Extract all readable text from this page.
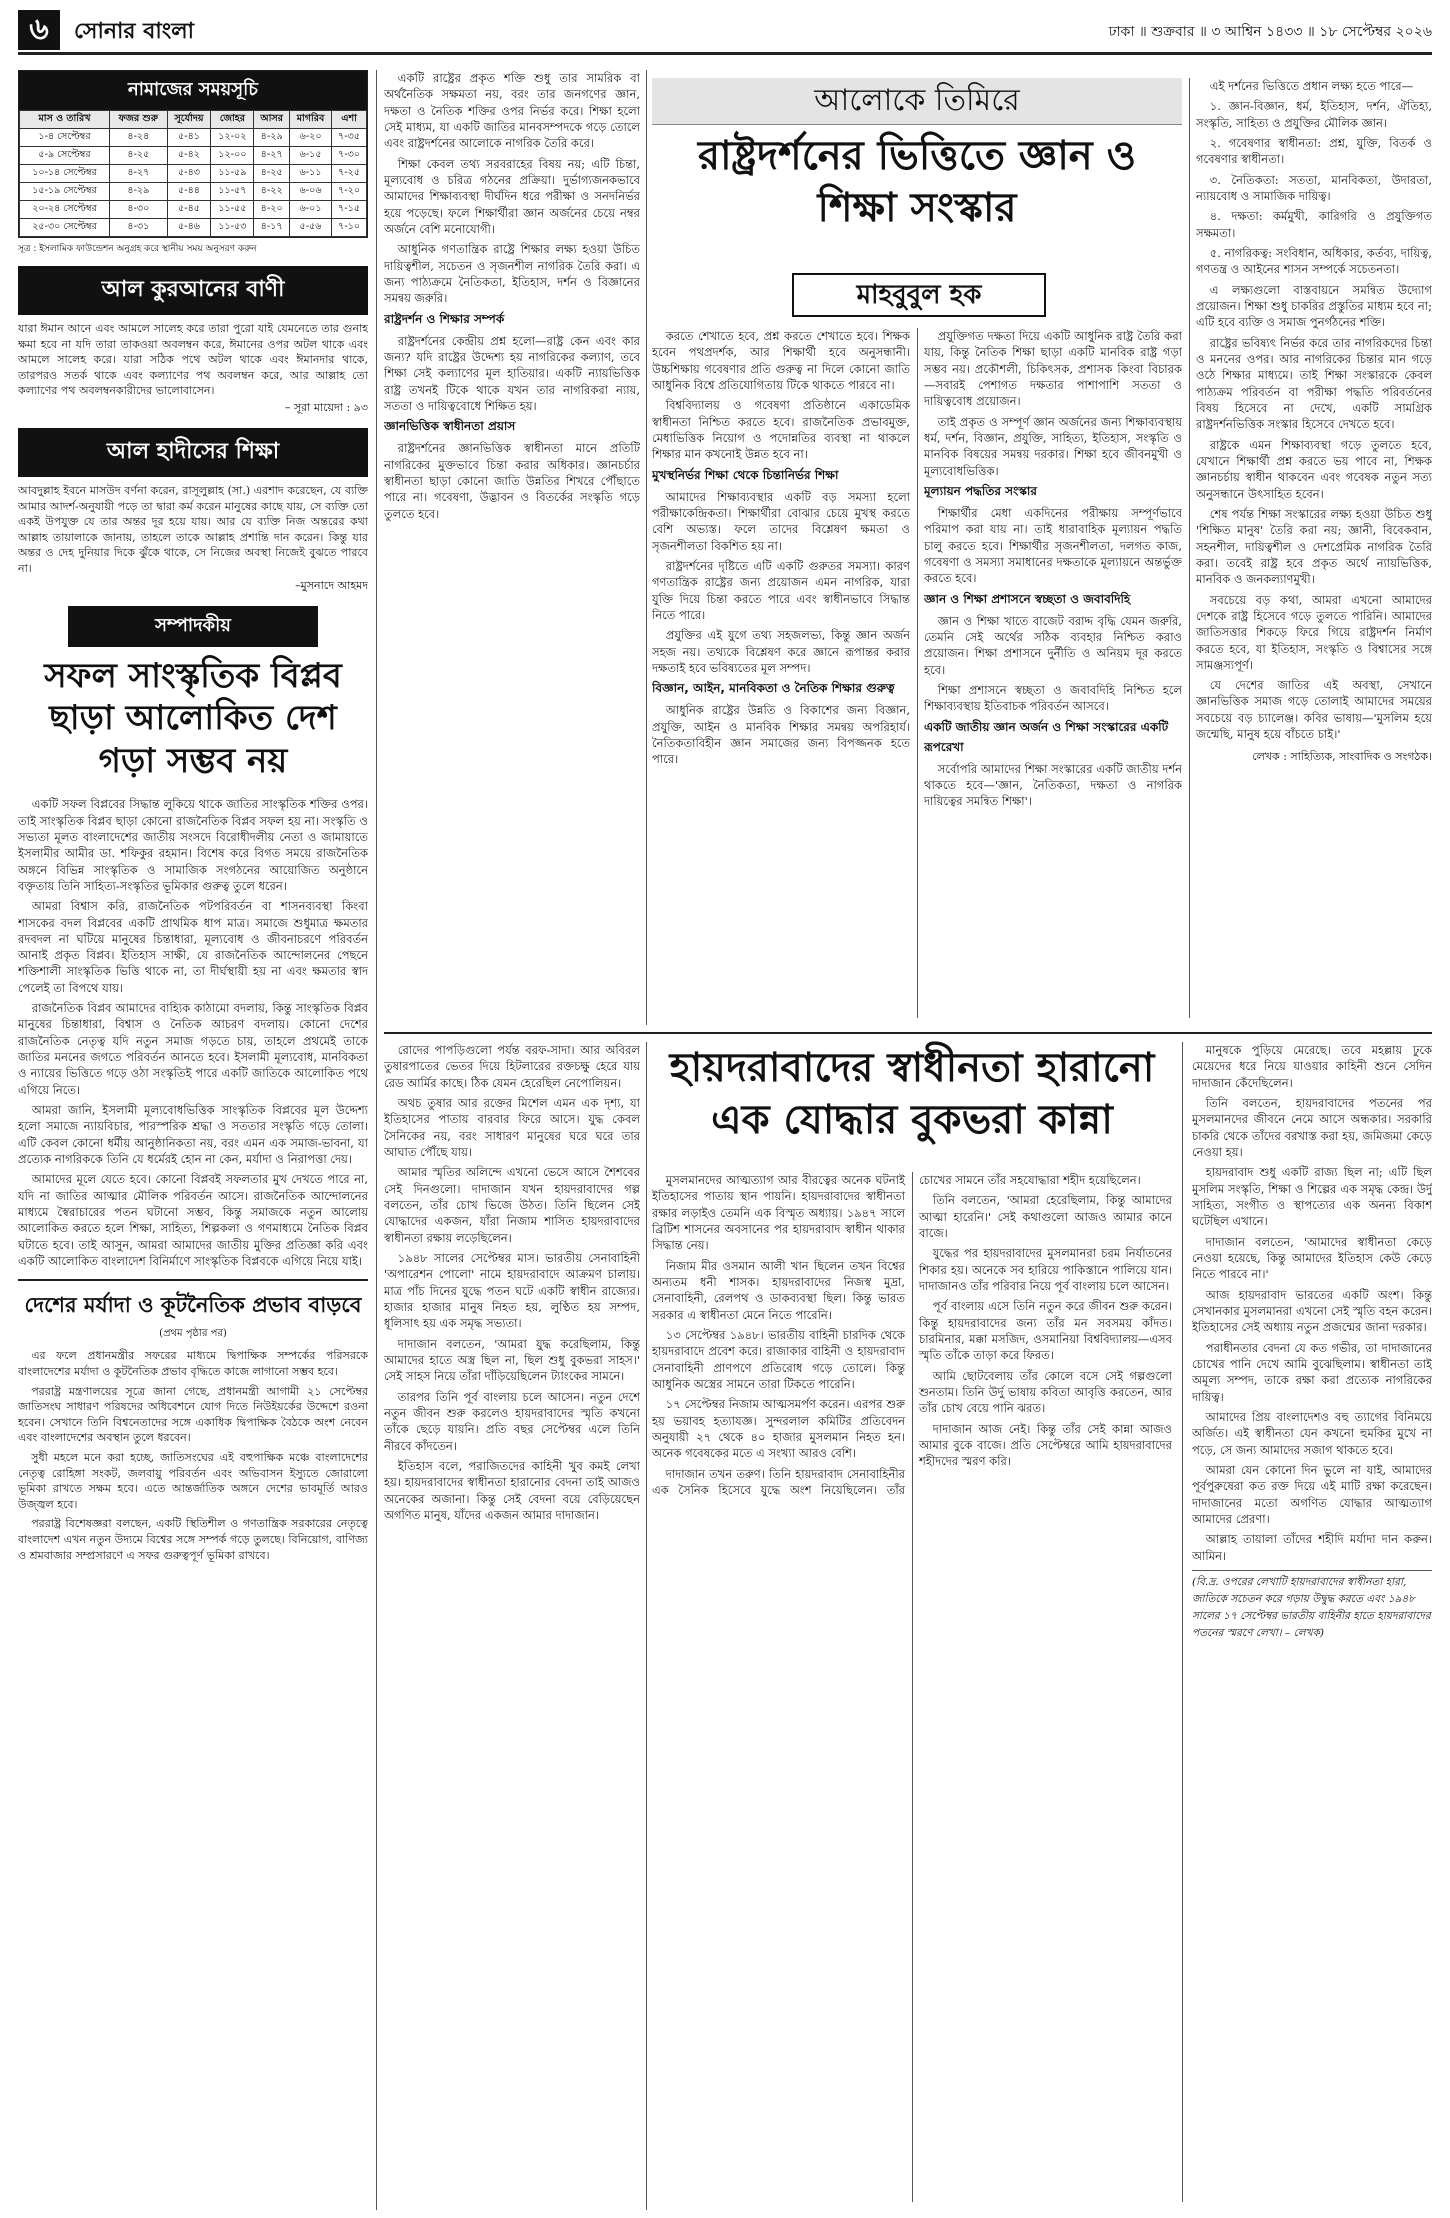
৬	সোনার বাংলা	ঢাকা ॥ শুক্রবার ॥ ৩ আশ্বিন ১৪৩৩ ॥ ১৮ সেপ্টেম্বর ২০২৬
নামাজের সময়সূচি
মাস ও তারিখ	ফজর শুরু	সূর্যোদয়	জোহর	আসর	মাগরিব	এশা
১-৪ সেপ্টেম্বর	৪-২৪	৫-৪১	১২-০২	৪-২৯	৬-২০	৭-৩৫
৫-৯ সেপ্টেম্বর	৪-২৫	৫-৪২	১২-০০	৪-২৭	৬-১৫	৭-৩০
১০-১৪ সেপ্টেম্বর	৪-২৭	৫-৪৩	১১-৫৯	৪-২৫	৬-১১	৭-২৫
১৫-১৯ সেপ্টেম্বর	৪-২৯	৫-৪৪	১১-৫৭	৪-২২	৬-০৬	৭-২০
২০-২৪ সেপ্টেম্বর	৪-৩০	৫-৪৫	১১-৫৫	৪-২০	৬-০১	৭-১৫
২৫-৩০ সেপ্টেম্বর	৪-৩১	৫-৪৬	১১-৫৩	৪-১৭	৫-৫৬	৭-১০
সূত্র : ইসলামিক ফাউন্ডেশন অনুগ্রহ করে স্থানীয় সময় অনুসরণ করুন
আল কুরআনের বাণী

যারা ঈমান আনে এবং আমলে সালেহ করে তারা পুরো যাই যেমনেতে তার গুনাহ ক্ষমা হবে না যদি তারা তাকওয়া অবলম্বন করে, ঈমানের ওপর অটল থাকে এবং আমলে সালেহ করে। যারা সঠিক পথে অটল থাকে এবং ঈমানদার থাকে, তারপরও সতর্ক থাকে এবং কল্যাণের পথ অবলম্বন করে, আর আল্লাহ তো কল্যাণের পথ অবলম্বনকারীদের ভালোবাসেন।

– সূরা মায়েদা : ৯৩
আল হাদীসের শিক্ষা

আবদুল্লাহ ইবনে মাসউদ বর্ণনা করেন, রাসূলুল্লাহ (সা.) এরশাদ করেছেন, যে ব্যক্তি আমার আদর্শ-অনুযায়ী পড়ে তা দ্বারা কর্ম করেন মানুষের কাছে যায়, সে ব্যক্তি তো একই উপযুক্ত যে তার অন্তর দূর হয়ে যায়। আর যে ব্যক্তি নিজ অন্তরের কথা আল্লাহ তায়ালাকে জানায়, তাহলে তাকে আল্লাহ প্রশান্তি দান করেন। কিন্তু যার অন্তর ও দেহ দুনিয়ার দিকে ঝুঁকে থাকে, সে নিজের অবস্থা নিজেই বুঝতে পারবে না।

–মুসনাদে আহমদ
সম্পাদকীয়
সফল সাংস্কৃতিক বিপ্লব ছাড়া আলোকিত দেশ গড়া সম্ভব নয়

একটি সফল বিপ্লবের সিদ্ধান্ত লুকিয়ে থাকে জাতির সাংস্কৃতিক শক্তির ওপর। তাই সাংস্কৃতিক বিপ্লব ছাড়া কোনো রাজনৈতিক বিপ্লব সফল হয় না। সংস্কৃতি ও সভ্যতা মূলত বাংলাদেশের জাতীয় সংসদে বিরোধীদলীয় নেতা ও জামায়াতে ইসলামীর আমীর ডা. শফিকুর রহমান। বিশেষ করে বিগত সময়ে রাজনৈতিক অঙ্গনে বিভিন্ন সাংস্কৃতিক ও সামাজিক সংগঠনের আয়োজিত অনুষ্ঠানে বক্তৃতায় তিনি সাহিত্য-সংস্কৃতির ভূমিকার গুরুত্ব তুলে ধরেন।

আমরা বিশ্বাস করি, রাজনৈতিক পটপরিবর্তন বা শাসনব্যবস্থা কিংবা শাসকের বদল বিপ্লবের একটি প্রাথমিক ধাপ মাত্র। সমাজে শুধুমাত্র ক্ষমতার রদবদল না ঘটিয়ে মানুষের চিন্তাধারা, মূল্যবোধ ও জীবনাচরণে পরিবর্তন আনাই প্রকৃত বিপ্লব। ইতিহাস সাক্ষী, যে রাজনৈতিক আন্দোলনের পেছনে শক্তিশালী সাংস্কৃতিক ভিত্তি থাকে না, তা দীর্ঘস্থায়ী হয় না এবং ক্ষমতার স্বাদ পেলেই তা বিপথে যায়।

রাজনৈতিক বিপ্লব আমাদের বাহ্যিক কাঠামো বদলায়, কিন্তু সাংস্কৃতিক বিপ্লব মানুষের চিন্তাধারা, বিশ্বাস ও নৈতিক আচরণ বদলায়। কোনো দেশের রাজনৈতিক নেতৃত্ব যদি নতুন সমাজ গড়তে চায়, তাহলে প্রথমেই তাকে জাতির মননের জগতে পরিবর্তন আনতে হবে। ইসলামী মূল্যবোধ, মানবিকতা ও ন্যায়ের ভিত্তিতে গড়ে ওঠা সংস্কৃতিই পারে একটি জাতিকে আলোকিত পথে এগিয়ে নিতে।

আমরা জানি, ইসলামী মূল্যবোধভিত্তিক সাংস্কৃতিক বিপ্লবের মূল উদ্দেশ্য হলো সমাজে ন্যায়বিচার, পারস্পরিক শ্রদ্ধা ও সততার সংস্কৃতি গড়ে তোলা। এটি কেবল কোনো ধর্মীয় আনুষ্ঠানিকতা নয়, বরং এমন এক সমাজ-ভাবনা, যা প্রত্যেক নাগরিককে তিনি যে ধর্মেরই হোন না কেন, মর্যাদা ও নিরাপত্তা দেয়।

আমাদের মূলে যেতে হবে। কোনো বিপ্লবই সফলতার মুখ দেখতে পারে না, যদি না জাতির আত্মার মৌলিক পরিবর্তন আসে। রাজনৈতিক আন্দোলনের মাধ্যমে স্বৈরাচারের পতন ঘটানো সম্ভব, কিন্তু সমাজকে নতুন আলোয় আলোকিত করতে হলে শিক্ষা, সাহিত্য, শিল্পকলা ও গণমাধ্যমে নৈতিক বিপ্লব ঘটাতে হবে। তাই আসুন, আমরা আমাদের জাতীয় মুক্তির প্রতিজ্ঞা করি এবং একটি আলোকিত বাংলাদেশ বিনির্মাণে সাংস্কৃতিক বিপ্লবকে এগিয়ে নিয়ে যাই।

দেশের মর্যাদা ও কূটনৈতিক প্রভাব বাড়বে
(প্রথম পৃষ্ঠার পর)

এর ফলে প্রধানমন্ত্রীর সফরের মাধ্যমে দ্বিপাক্ষিক সম্পর্কের পরিসরকে বাংলাদেশের মর্যাদা ও কূটনৈতিক প্রভাব বৃদ্ধিতে কাজে লাগানো সম্ভব হবে।

পররাষ্ট্র মন্ত্রণালয়ের সূত্রে জানা গেছে, প্রধানমন্ত্রী আগামী ২১ সেপ্টেম্বর জাতিসংঘ সাধারণ পরিষদের অধিবেশনে যোগ দিতে নিউইয়র্কের উদ্দেশে রওনা হবেন। সেখানে তিনি বিশ্বনেতাদের সঙ্গে একাধিক দ্বিপাক্ষিক বৈঠকে অংশ নেবেন এবং বাংলাদেশের অবস্থান তুলে ধরবেন।

সুধী মহলে মনে করা হচ্ছে, জাতিসংঘের এই বহুপাক্ষিক মঞ্চে বাংলাদেশের নেতৃত্ব রোহিঙ্গা সংকট, জলবায়ু পরিবর্তন এবং অভিবাসন ইস্যুতে জোরালো ভূমিকা রাখতে সক্ষম হবে। এতে আন্তর্জাতিক অঙ্গনে দেশের ভাবমূর্তি আরও উজ্জ্বল হবে।

পররাষ্ট্র বিশেষজ্ঞরা বলছেন, একটি স্থিতিশীল ও গণতান্ত্রিক সরকারের নেতৃত্বে বাংলাদেশ এখন নতুন উদ্যমে বিশ্বের সঙ্গে সম্পর্ক গড়ে তুলছে। বিনিয়োগ, বাণিজ্য ও শ্রমবাজার সম্প্রসারণে এ সফর গুরুত্বপূর্ণ ভূমিকা রাখবে।

একটি রাষ্ট্রের প্রকৃত শক্তি শুধু তার সামরিক বা অর্থনৈতিক সক্ষমতা নয়, বরং তার জনগণের জ্ঞান, দক্ষতা ও নৈতিক শক্তির ওপর নির্ভর করে। শিক্ষা হলো সেই মাধ্যম, যা একটি জাতির মানবসম্পদকে গড়ে তোলে এবং রাষ্ট্রদর্শনের আলোকে নাগরিক তৈরি করে।

শিক্ষা কেবল তথ্য সরবরাহের বিষয় নয়; এটি চিন্তা, মূল্যবোধ ও চরিত্র গঠনের প্রক্রিয়া। দুর্ভাগ্যজনকভাবে আমাদের শিক্ষাব্যবস্থা দীর্ঘদিন ধরে পরীক্ষা ও সনদনির্ভর হয়ে পড়েছে। ফলে শিক্ষার্থীরা জ্ঞান অর্জনের চেয়ে নম্বর অর্জনে বেশি মনোযোগী।

আধুনিক গণতান্ত্রিক রাষ্ট্রে শিক্ষার লক্ষ্য হওয়া উচিত দায়িত্বশীল, সচেতন ও সৃজনশীল নাগরিক তৈরি করা। এ জন্য পাঠ্যক্রমে নৈতিকতা, ইতিহাস, দর্শন ও বিজ্ঞানের সমন্বয় জরুরি।

রাষ্ট্রদর্শন ও শিক্ষার সম্পর্ক

রাষ্ট্রদর্শনের কেন্দ্রীয় প্রশ্ন হলো—রাষ্ট্র কেন এবং কার জন্য? যদি রাষ্ট্রের উদ্দেশ্য হয় নাগরিকের কল্যাণ, তবে শিক্ষা সেই কল্যাণের মূল হাতিয়ার। একটি ন্যায়ভিত্তিক রাষ্ট্র তখনই টিকে থাকে যখন তার নাগরিকরা ন্যায়, সততা ও দায়িত্ববোধে শিক্ষিত হয়।

জ্ঞানভিত্তিক স্বাধীনতা প্রয়াস

রাষ্ট্রদর্শনের জ্ঞানভিত্তিক স্বাধীনতা মানে প্রতিটি নাগরিকের মুক্তভাবে চিন্তা করার অধিকার। জ্ঞানচর্চার স্বাধীনতা ছাড়া কোনো জাতি উন্নতির শিখরে পৌঁছাতে পারে না। গবেষণা, উদ্ভাবন ও বিতর্কের সংস্কৃতি গড়ে তুলতে হবে।

আলোকে তিমিরে
রাষ্ট্রদর্শনের ভিত্তিতে জ্ঞান ও শিক্ষা সংস্কার
মাহবুবুল হক

করতে শেখাতে হবে, প্রশ্ন করতে শেখাতে হবে। শিক্ষক হবেন পথপ্রদর্শক, আর শিক্ষার্থী হবে অনুসন্ধানী। উচ্চশিক্ষায় গবেষণার প্রতি গুরুত্ব না দিলে কোনো জাতি আধুনিক বিশ্বে প্রতিযোগিতায় টিকে থাকতে পারবে না।

বিশ্ববিদ্যালয় ও গবেষণা প্রতিষ্ঠানে একাডেমিক স্বাধীনতা নিশ্চিত করতে হবে। রাজনৈতিক প্রভাবমুক্ত, মেধাভিত্তিক নিয়োগ ও পদোন্নতির ব্যবস্থা না থাকলে শিক্ষার মান কখনোই উন্নত হবে না।

মুখস্থনির্ভর শিক্ষা থেকে চিন্তানির্ভর শিক্ষা

আমাদের শিক্ষাব্যবস্থার একটি বড় সমস্যা হলো পরীক্ষাকেন্দ্রিকতা। শিক্ষার্থীরা বোঝার চেয়ে মুখস্থ করতে বেশি অভ্যস্ত। ফলে তাদের বিশ্লেষণ ক্ষমতা ও সৃজনশীলতা বিকশিত হয় না।

রাষ্ট্রদর্শনের দৃষ্টিতে এটি একটি গুরুতর সমস্যা। কারণ গণতান্ত্রিক রাষ্ট্রের জন্য প্রয়োজন এমন নাগরিক, যারা যুক্তি দিয়ে চিন্তা করতে পারে এবং স্বাধীনভাবে সিদ্ধান্ত নিতে পারে।

প্রযুক্তির এই যুগে তথ্য সহজলভ্য, কিন্তু জ্ঞান অর্জন সহজ নয়। তথ্যকে বিশ্লেষণ করে জ্ঞানে রূপান্তর করার দক্ষতাই হবে ভবিষ্যতের মূল সম্পদ।

বিজ্ঞান, আইন, মানবিকতা ও নৈতিক শিক্ষার গুরুত্ব

আধুনিক রাষ্ট্রের উন্নতি ও বিকাশের জন্য বিজ্ঞান, প্রযুক্তি, আইন ও মানবিক শিক্ষার সমন্বয় অপরিহার্য। নৈতিকতাবিহীন জ্ঞান সমাজের জন্য বিপজ্জনক হতে পারে।

প্রযুক্তিগত দক্ষতা দিয়ে একটি আধুনিক রাষ্ট্র তৈরি করা যায়, কিন্তু নৈতিক শিক্ষা ছাড়া একটি মানবিক রাষ্ট্র গড়া সম্ভব নয়। প্রকৌশলী, চিকিৎসক, প্রশাসক কিংবা বিচারক—সবারই পেশাগত দক্ষতার পাশাপাশি সততা ও দায়িত্ববোধ প্রয়োজন।

তাই প্রকৃত ও সম্পূর্ণ জ্ঞান অর্জনের জন্য শিক্ষাব্যবস্থায় ধর্ম, দর্শন, বিজ্ঞান, প্রযুক্তি, সাহিত্য, ইতিহাস, সংস্কৃতি ও মানবিক বিষয়ের সমন্বয় দরকার। শিক্ষা হবে জীবনমুখী ও মূল্যবোধভিত্তিক।

মূল্যায়ন পদ্ধতির সংস্কার

শিক্ষার্থীর মেধা একদিনের পরীক্ষায় সম্পূর্ণভাবে পরিমাপ করা যায় না। তাই ধারাবাহিক মূল্যায়ন পদ্ধতি চালু করতে হবে। শিক্ষার্থীর সৃজনশীলতা, দলগত কাজ, গবেষণা ও সমস্যা সমাধানের দক্ষতাকে মূল্যায়নে অন্তর্ভুক্ত করতে হবে।

জ্ঞান ও শিক্ষা প্রশাসনে স্বচ্ছতা ও জবাবদিহি

জ্ঞান ও শিক্ষা খাতে বাজেট বরাদ্দ বৃদ্ধি যেমন জরুরি, তেমনি সেই অর্থের সঠিক ব্যবহার নিশ্চিত করাও প্রয়োজন। শিক্ষা প্রশাসনে দুর্নীতি ও অনিয়ম দূর করতে হবে।

শিক্ষা প্রশাসনে স্বচ্ছতা ও জবাবদিহি নিশ্চিত হলে শিক্ষাব্যবস্থায় ইতিবাচক পরিবর্তন আসবে।

একটি জাতীয় জ্ঞান অর্জন ও শিক্ষা সংস্কারের একটি রূপরেখা

সর্বোপরি আমাদের শিক্ষা সংস্কারের একটি জাতীয় দর্শন থাকতে হবে—'জ্ঞান, নৈতিকতা, দক্ষতা ও নাগরিক দায়িত্বের সমন্বিত শিক্ষা'।

এই দর্শনের ভিত্তিতে প্রধান লক্ষ্য হতে পারে—

১. জ্ঞান-বিজ্ঞান, ধর্ম, ইতিহাস, দর্শন, ঐতিহ্য, সংস্কৃতি, সাহিত্য ও প্রযুক্তির মৌলিক জ্ঞান।

২. গবেষণার স্বাধীনতা: প্রশ্ন, যুক্তি, বিতর্ক ও গবেষণার স্বাধীনতা।

৩. নৈতিকতা: সততা, মানবিকতা, উদারতা, ন্যায়বোধ ও সামাজিক দায়িত্ব।

৪. দক্ষতা: কর্মমুখী, কারিগরি ও প্রযুক্তিগত সক্ষমতা।

৫. নাগরিকত্ব: সংবিধান, অধিকার, কর্তব্য, দায়িত্ব, গণতন্ত্র ও আইনের শাসন সম্পর্কে সচেতনতা।

এ লক্ষ্যগুলো বাস্তবায়নে সমন্বিত উদ্যোগ প্রয়োজন। শিক্ষা শুধু চাকরির প্রস্তুতির মাধ্যম হবে না; এটি হবে ব্যক্তি ও সমাজ পুনর্গঠনের শক্তি।

রাষ্ট্রের ভবিষ্যৎ নির্ভর করে তার নাগরিকদের চিন্তা ও মননের ওপর। আর নাগরিকের চিন্তার মান গড়ে ওঠে শিক্ষার মাধ্যমে। তাই শিক্ষা সংস্কারকে কেবল পাঠ্যক্রম পরিবর্তন বা পরীক্ষা পদ্ধতি পরিবর্তনের বিষয় হিসেবে না দেখে, একটি সামগ্রিক রাষ্ট্রদর্শনভিত্তিক সংস্কার হিসেবে দেখতে হবে।

রাষ্ট্রকে এমন শিক্ষাব্যবস্থা গড়ে তুলতে হবে, যেখানে শিক্ষার্থী প্রশ্ন করতে ভয় পাবে না, শিক্ষক জ্ঞানচর্চায় স্বাধীন থাকবেন এবং গবেষক নতুন সত্য অনুসন্ধানে উৎসাহিত হবেন।

শেষ পর্যন্ত শিক্ষা সংস্কারের লক্ষ্য হওয়া উচিত শুধু 'শিক্ষিত মানুষ' তৈরি করা নয়; জ্ঞানী, বিবেকবান, সহনশীল, দায়িত্বশীল ও দেশপ্রেমিক নাগরিক তৈরি করা। তবেই রাষ্ট্র হবে প্রকৃত অর্থে ন্যায়ভিত্তিক, মানবিক ও জনকল্যাণমুখী।

সবচেয়ে বড় কথা, আমরা এখনো আমাদের দেশকে রাষ্ট্র হিসেবে গড়ে তুলতে পারিনি। আমাদের জাতিসত্তার শিকড়ে ফিরে গিয়ে রাষ্ট্রদর্শন নির্মাণ করতে হবে, যা ইতিহাস, সংস্কৃতি ও বিশ্বাসের সঙ্গে সামঞ্জস্যপূর্ণ।

যে দেশের জাতির এই অবস্থা, সেখানে জ্ঞানভিত্তিক সমাজ গড়ে তোলাই আমাদের সময়ের সবচেয়ে বড় চ্যালেঞ্জ। কবির ভাষায়—'মুসলিম হয়ে জন্মেছি, মানুষ হয়ে বাঁচতে চাই।'

লেখক : সাহিত্যিক, সাংবাদিক ও সংগঠক।

রোদের পাপড়িগুলো পর্যন্ত বরফ-সাদা। আর অবিরল তুষারপাতের ভেতর দিয়ে হিটলারের রক্তচক্ষু হেরে যায় রেড আর্মির কাছে। ঠিক যেমন হেরেছিল নেপোলিয়ন।

অথচ তুষার আর রক্তের মিশেল এমন এক দৃশ্য, যা ইতিহাসের পাতায় বারবার ফিরে আসে। যুদ্ধ কেবল সৈনিকের নয়, বরং সাধারণ মানুষের ঘরে ঘরে তার আঘাত পৌঁছে যায়।

আমার স্মৃতির অলিন্দে এখনো ভেসে আসে শৈশবের সেই দিনগুলো। দাদাজান যখন হায়দরাবাদের গল্প বলতেন, তাঁর চোখ ভিজে উঠত। তিনি ছিলেন সেই যোদ্ধাদের একজন, যাঁরা নিজাম শাসিত হায়দরাবাদের স্বাধীনতা রক্ষায় লড়েছিলেন।

১৯৪৮ সালের সেপ্টেম্বর মাস। ভারতীয় সেনাবাহিনী 'অপারেশন পোলো' নামে হায়দরাবাদে আক্রমণ চালায়। মাত্র পাঁচ দিনের যুদ্ধে পতন ঘটে একটি স্বাধীন রাজ্যের। হাজার হাজার মানুষ নিহত হয়, লুণ্ঠিত হয় সম্পদ, ধূলিসাৎ হয় এক সমৃদ্ধ সভ্যতা।

দাদাজান বলতেন, 'আমরা যুদ্ধ করেছিলাম, কিন্তু আমাদের হাতে অস্ত্র ছিল না, ছিল শুধু বুকভরা সাহস।' সেই সাহস নিয়ে তাঁরা দাঁড়িয়েছিলেন ট্যাংকের সামনে।

তারপর তিনি পূর্ব বাংলায় চলে আসেন। নতুন দেশে নতুন জীবন শুরু করলেও হায়দরাবাদের স্মৃতি কখনো তাঁকে ছেড়ে যায়নি। প্রতি বছর সেপ্টেম্বর এলে তিনি নীরবে কাঁদতেন।

ইতিহাস বলে, পরাজিতদের কাহিনী খুব কমই লেখা হয়। হায়দরাবাদের স্বাধীনতা হারানোর বেদনা তাই আজও অনেকের অজানা। কিন্তু সেই বেদনা বয়ে বেড়িয়েছেন অগণিত মানুষ, যাঁদের একজন আমার দাদাজান।

হায়দরাবাদের স্বাধীনতা হারানো এক যোদ্ধার বুকভরা কান্না

মুসলমানদের আত্মত্যাগ আর বীরত্বের অনেক ঘটনাই ইতিহাসের পাতায় স্থান পায়নি। হায়দরাবাদের স্বাধীনতা রক্ষার লড়াইও তেমনি এক বিস্মৃত অধ্যায়। ১৯৪৭ সালে ব্রিটিশ শাসনের অবসানের পর হায়দরাবাদ স্বাধীন থাকার সিদ্ধান্ত নেয়।

নিজাম মীর ওসমান আলী খান ছিলেন তখন বিশ্বের অন্যতম ধনী শাসক। হায়দরাবাদের নিজস্ব মুদ্রা, সেনাবাহিনী, রেলপথ ও ডাকব্যবস্থা ছিল। কিন্তু ভারত সরকার এ স্বাধীনতা মেনে নিতে পারেনি।

১৩ সেপ্টেম্বর ১৯৪৮। ভারতীয় বাহিনী চারদিক থেকে হায়দরাবাদে প্রবেশ করে। রাজাকার বাহিনী ও হায়দরাবাদ সেনাবাহিনী প্রাণপণে প্রতিরোধ গড়ে তোলে। কিন্তু আধুনিক অস্ত্রের সামনে তারা টিকতে পারেনি।

১৭ সেপ্টেম্বর নিজাম আত্মসমর্পণ করেন। এরপর শুরু হয় ভয়াবহ হত্যাযজ্ঞ। সুন্দরলাল কমিটির প্রতিবেদন অনুযায়ী ২৭ থেকে ৪০ হাজার মুসলমান নিহত হন। অনেক গবেষকের মতে এ সংখ্যা আরও বেশি।

দাদাজান তখন তরুণ। তিনি হায়দরাবাদ সেনাবাহিনীর এক সৈনিক হিসেবে যুদ্ধে অংশ নিয়েছিলেন। তাঁর চোখের সামনে তাঁর সহযোদ্ধারা শহীদ হয়েছিলেন।

তিনি বলতেন, 'আমরা হেরেছিলাম, কিন্তু আমাদের আত্মা হারেনি।' সেই কথাগুলো আজও আমার কানে বাজে।

যুদ্ধের পর হায়দরাবাদের মুসলমানরা চরম নির্যাতনের শিকার হয়। অনেকে সব হারিয়ে পাকিস্তানে পালিয়ে যান। দাদাজানও তাঁর পরিবার নিয়ে পূর্ব বাংলায় চলে আসেন।

পূর্ব বাংলায় এসে তিনি নতুন করে জীবন শুরু করেন। কিন্তু হায়দরাবাদের জন্য তাঁর মন সবসময় কাঁদত। চারমিনার, মক্কা মসজিদ, ওসমানিয়া বিশ্ববিদ্যালয়—এসব স্মৃতি তাঁকে তাড়া করে ফিরত।

আমি ছোটবেলায় তাঁর কোলে বসে সেই গল্পগুলো শুনতাম। তিনি উর্দু ভাষায় কবিতা আবৃত্তি করতেন, আর তাঁর চোখ বেয়ে পানি ঝরত।

দাদাজান আজ নেই। কিন্তু তাঁর সেই কান্না আজও আমার বুকে বাজে। প্রতি সেপ্টেম্বরে আমি হায়দরাবাদের শহীদদের স্মরণ করি।

মানুষকে পুড়িয়ে মেরেছে। তবে মহল্লায় ঢুকে মেয়েদের ধরে নিয়ে যাওয়ার কাহিনী শুনে সেদিন দাদাজান কেঁদেছিলেন।

তিনি বলতেন, হায়দরাবাদের পতনের পর মুসলমানদের জীবনে নেমে আসে অন্ধকার। সরকারি চাকরি থেকে তাঁদের বরখাস্ত করা হয়, জমিজমা কেড়ে নেওয়া হয়।

হায়দরাবাদ শুধু একটি রাজ্য ছিল না; এটি ছিল মুসলিম সংস্কৃতি, শিক্ষা ও শিল্পের এক সমৃদ্ধ কেন্দ্র। উর্দু সাহিত্য, সংগীত ও স্থাপত্যের এক অনন্য বিকাশ ঘটেছিল এখানে।

দাদাজান বলতেন, 'আমাদের স্বাধীনতা কেড়ে নেওয়া হয়েছে, কিন্তু আমাদের ইতিহাস কেউ কেড়ে নিতে পারবে না।'

আজ হায়দরাবাদ ভারতের একটি অংশ। কিন্তু সেখানকার মুসলমানরা এখনো সেই স্মৃতি বহন করেন। ইতিহাসের সেই অধ্যায় নতুন প্রজন্মের জানা দরকার।

পরাধীনতার বেদনা যে কত গভীর, তা দাদাজানের চোখের পানি দেখে আমি বুঝেছিলাম। স্বাধীনতা তাই অমূল্য সম্পদ, তাকে রক্ষা করা প্রত্যেক নাগরিকের দায়িত্ব।

আমাদের প্রিয় বাংলাদেশও বহু ত্যাগের বিনিময়ে অর্জিত। এই স্বাধীনতা যেন কখনো হুমকির মুখে না পড়ে, সে জন্য আমাদের সজাগ থাকতে হবে।

আমরা যেন কোনো দিন ভুলে না যাই, আমাদের পূর্বপুরুষেরা কত রক্ত দিয়ে এই মাটি রক্ষা করেছেন। দাদাজানের মতো অগণিত যোদ্ধার আত্মত্যাগ আমাদের প্রেরণা।

আল্লাহ তায়ালা তাঁদের শহীদি মর্যাদা দান করুন। আমিন।

(বি.দ্র. ওপরের লেখাটি হায়দরাবাদের স্বাধীনতা হারা, জাতিকে সচেতন করে গড়ায় উদ্বুদ্ধ করতে এবং ১৯৪৮ সালের ১৭ সেপ্টেম্বর ভারতীয় বাহিনীর হাতে হায়দরাবাদের পতনের স্মরণে লেখা। – লেখক)
